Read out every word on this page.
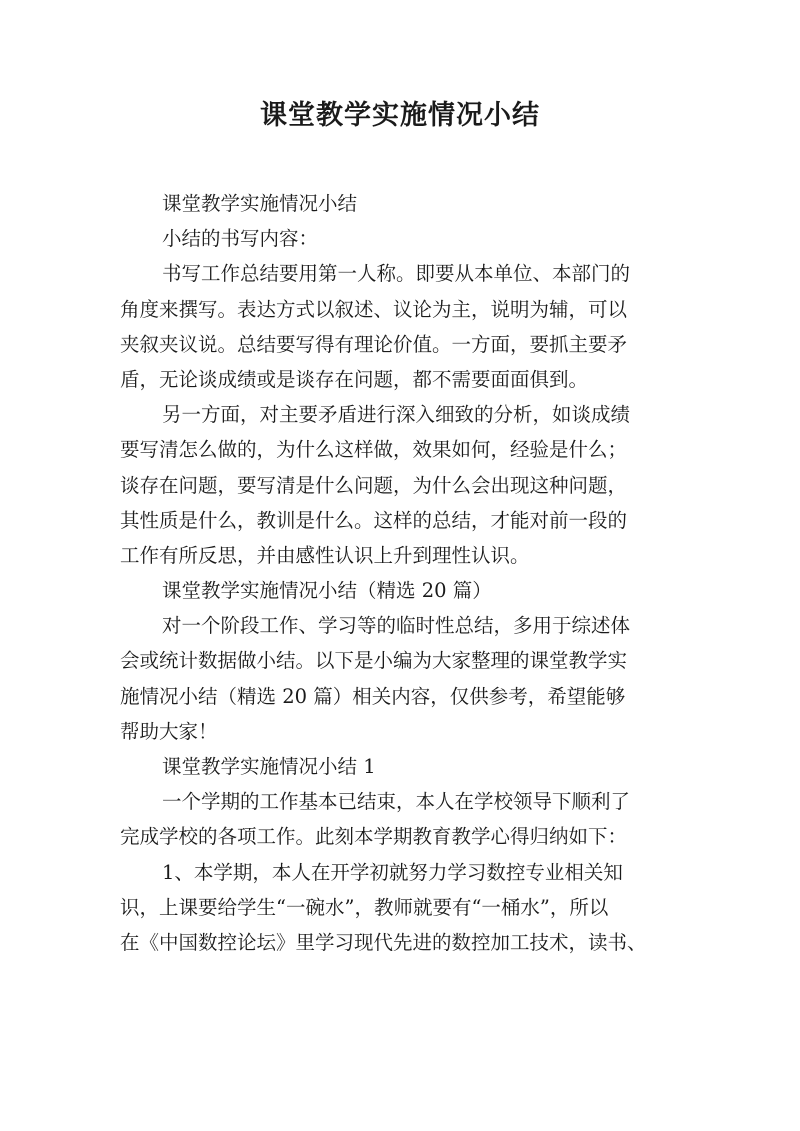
课堂教学实施情况小结
课堂教学实施情况小结
小结的书写内容：
书写工作总结要用第一人称。即要从本单位、本部门的
角度来撰写。表达方式以叙述、议论为主，说明为辅，可以
夹叙夹议说。总结要写得有理论价值。一方面，要抓主要矛
盾，无论谈成绩或是谈存在问题，都不需要面面俱到。
另一方面，对主要矛盾进行深入细致的分析，如谈成绩
要写清怎么做的，为什么这样做，效果如何，经验是什么；
谈存在问题，要写清是什么问题，为什么会出现这种问题，
其性质是什么，教训是什么。这样的总结，才能对前一段的
工作有所反思，并由感性认识上升到理性认识。
课堂教学实施情况小结（精选 20 篇）
对一个阶段工作、学习等的临时性总结，多用于综述体
会或统计数据做小结。以下是小编为大家整理的课堂教学实
施情况小结（精选 20 篇）相关内容，仅供参考，希望能够
帮助大家！
课堂教学实施情况小结 1
一个学期的工作基本已结束，本人在学校领导下顺利了
完成学校的各项工作。此刻本学期教育教学心得归纳如下：
1、本学期，本人在开学初就努力学习数控专业相关知
识，上课要给学生“一碗水”，教师就要有“一桶水”，所以
在《中国数控论坛》里学习现代先进的数控加工技术，读书、
